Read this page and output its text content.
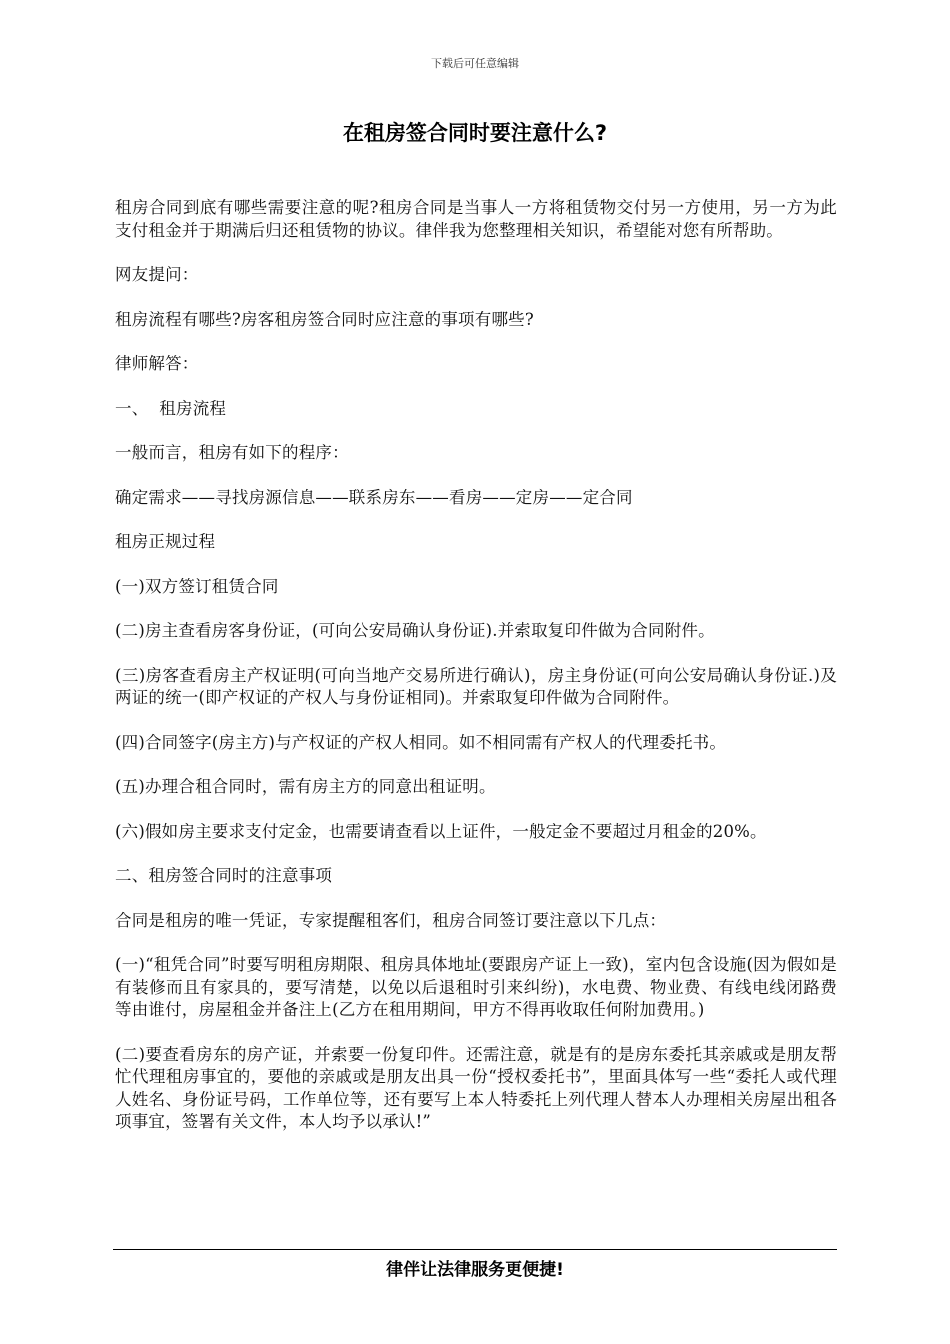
下载后可任意编辑
在租房签合同时要注意什么?

租房合同到底有哪些需要注意的呢?租房合同是当事人一方将租赁物交付另一方使用，另一方为此支付租金并于期满后归还租赁物的协议。律伴我为您整理相关知识，希望能对您有所帮助。

网友提问：

租房流程有哪些?房客租房签合同时应注意的事项有哪些?

律师解答：

一、  租房流程

一般而言，租房有如下的程序：

确定需求——寻找房源信息——联系房东——看房——定房——定合同

租房正规过程

(一)双方签订租赁合同

(二)房主查看房客身份证，(可向公安局确认身份证).并索取复印件做为合同附件。

(三)房客查看房主产权证明(可向当地产交易所进行确认)，房主身份证(可向公安局确认身份证.)及两证的统一(即产权证的产权人与身份证相同)。并索取复印件做为合同附件。

(四)合同签字(房主方)与产权证的产权人相同。如不相同需有产权人的代理委托书。

(五)办理合租合同时，需有房主方的同意出租证明。

(六)假如房主要求支付定金，也需要请查看以上证件，一般定金不要超过月租金的20%。

二、租房签合同时的注意事项

合同是租房的唯一凭证，专家提醒租客们，租房合同签订要注意以下几点：

(一)“租凭合同”时要写明租房期限、租房具体地址(要跟房产证上一致)，室内包含设施(因为假如是有装修而且有家具的，要写清楚，以免以后退租时引来纠纷)，水电费、物业费、有线电线闭路费等由谁付，房屋租金并备注上(乙方在租用期间，甲方不得再收取任何附加费用。)

(二)要查看房东的房产证，并索要一份复印件。还需注意，就是有的是房东委托其亲戚或是朋友帮忙代理租房事宜的，要他的亲戚或是朋友出具一份“授权委托书”，里面具体写一些“委托人或代理人姓名、身份证号码，工作单位等，还有要写上本人特委托上列代理人替本人办理相关房屋出租各项事宜，签署有关文件，本人均予以承认!”

律伴让法律服务更便捷!
